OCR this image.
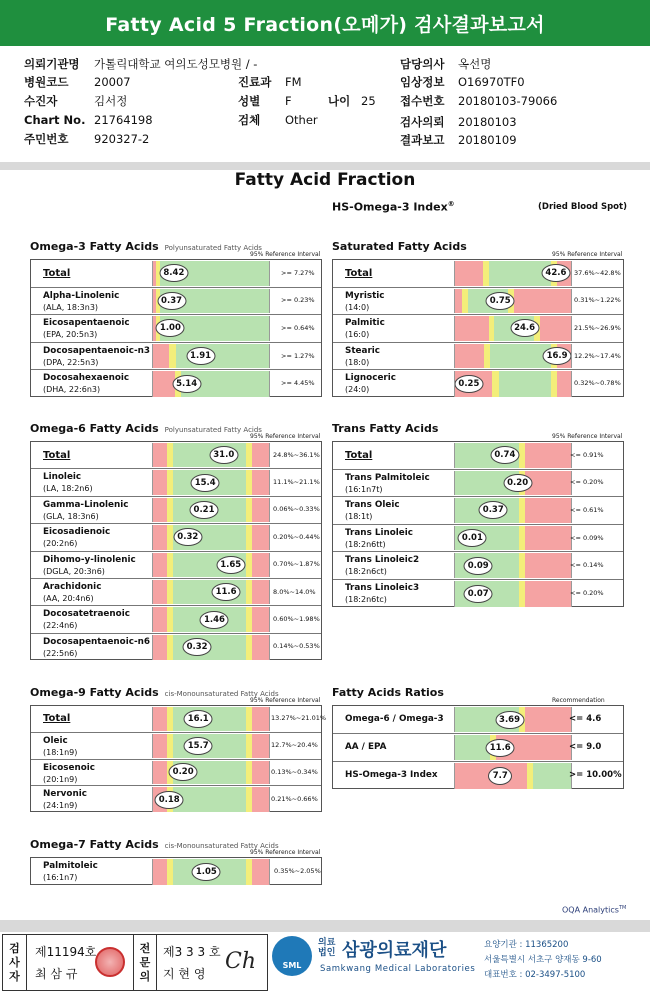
Fatty Acid 5 Fraction(오메가) 검사결과보고서
의뢰기관명 가톨릭대학교 여의도성모병원 / -
병원코드 20007
수진자	김서정
Chart No. 21764198
주민번호 920327-2
진료과 FM
성별 F	나이 25
검체 Other
담당의사 옥선명
임상정보 O16970TF0
접수번호 20180103-79066
검사의뢰 20180103
결과보고 20180109
Fatty Acid Fraction
HS-Omega-3 Index®	(Dried Blood Spot)
Omega-3 Fatty Acids Polyunsaturated Fatty Acids
95% Reference Interval
Total	8.42	>= 7.27%
Alpha-Linolenic
(ALA, 18:3n3)
0.37	>= 0.23%
Eicosapentaenoic
(EPA, 20:5n3)
1.00	>= 0.64%
Docosapentaenoic-n3
(DPA, 22:5n3)
1.91	>= 1.27%
Docosahexaenoic
(DHA, 22:6n3)
5.14	>= 4.45%
Saturated Fatty Acids
95% Reference Interval
Total	42.6	37.6%~42.8%
Myristic
(14:0)
0.75	0.31%~1.22%
Palmitic
(16:0)
24.6	21.5%~26.9%
Stearic
(18:0)
16.9 12.2%~17.4%
Lignoceric
(24:0)
0.25	0.32%~0.78%
Omega-6 Fatty Acids Polyunsaturated Fatty Acids
95% Reference Interval
Total	31.0	24.8%~36.1%
Linoleic
(LA, 18:2n6)
15.4	11.1%~21.1%
Gamma-Linolenic
(GLA, 18:3n6)
0.21	0.06%~0.33%
Eicosadienoic
(20:2n6)
0.32	0.20%~0.44%
Dihomo-y-linolenic
(DGLA, 20:3n6)
1.65	0.70%~1.87%
Arachidonic
(AA, 20:4n6)
11.6	8.0%~14.0%
Docosatetraenoic
(22:4n6)
1.46	0.60%~1.98%
Docosapentaenoic-n6
(22:5n6)
0.32	0.14%~0.53%
Trans Fatty Acids
95% Reference Interval
Total	0.74	<= 0.91%
Trans Palmitoleic
(16:1n7t)
0.20	<= 0.20%
Trans Oleic
(18:1t)
0.37	<= 0.61%
Trans Linoleic
(18:2n6tt)
0.01	<= 0.09%
Trans Linoleic2
(18:2n6ct)
0.09	<= 0.14%
Trans Linoleic3
(18:2n6tc)
0.07	<= 0.20%
Omega-9 Fatty Acids cis-Monounsaturated Fatty Acids
95% Reference Interval
Total	16.1	13.27%~21.01%
Oleic
(18:1n9)
15.7	12.7%~20.4%
Eicosenoic
(20:1n9)
0.20	0.13%~0.34%
Nervonic
(24:1n9)
0.18	0.21%~0.66%
Fatty Acids Ratios
Recommendation
Omega-6 / Omega-3	3.69	<= 4.6
AA / EPA	11.6	<= 9.0
HS-Omega-3 Index	7.7	>= 10.00%
Omega-7 Fatty Acids cis-Monounsaturated Fatty Acids
95% Reference Interval
Palmitoleic
(16:1n7)
1.05	0.35%~2.05%
OQA Analytics™
검
사
자
제11194호
최 삼 규
전
문
의
제3 3 3 호
지 현 영 Ch	SML
의료법인 삼광의료재단
Samkwang Medical Laboratories
요양기관 : 11365200
서울특별시 서초구 양재동 9-60
대표번호 : 02-3497-5100
